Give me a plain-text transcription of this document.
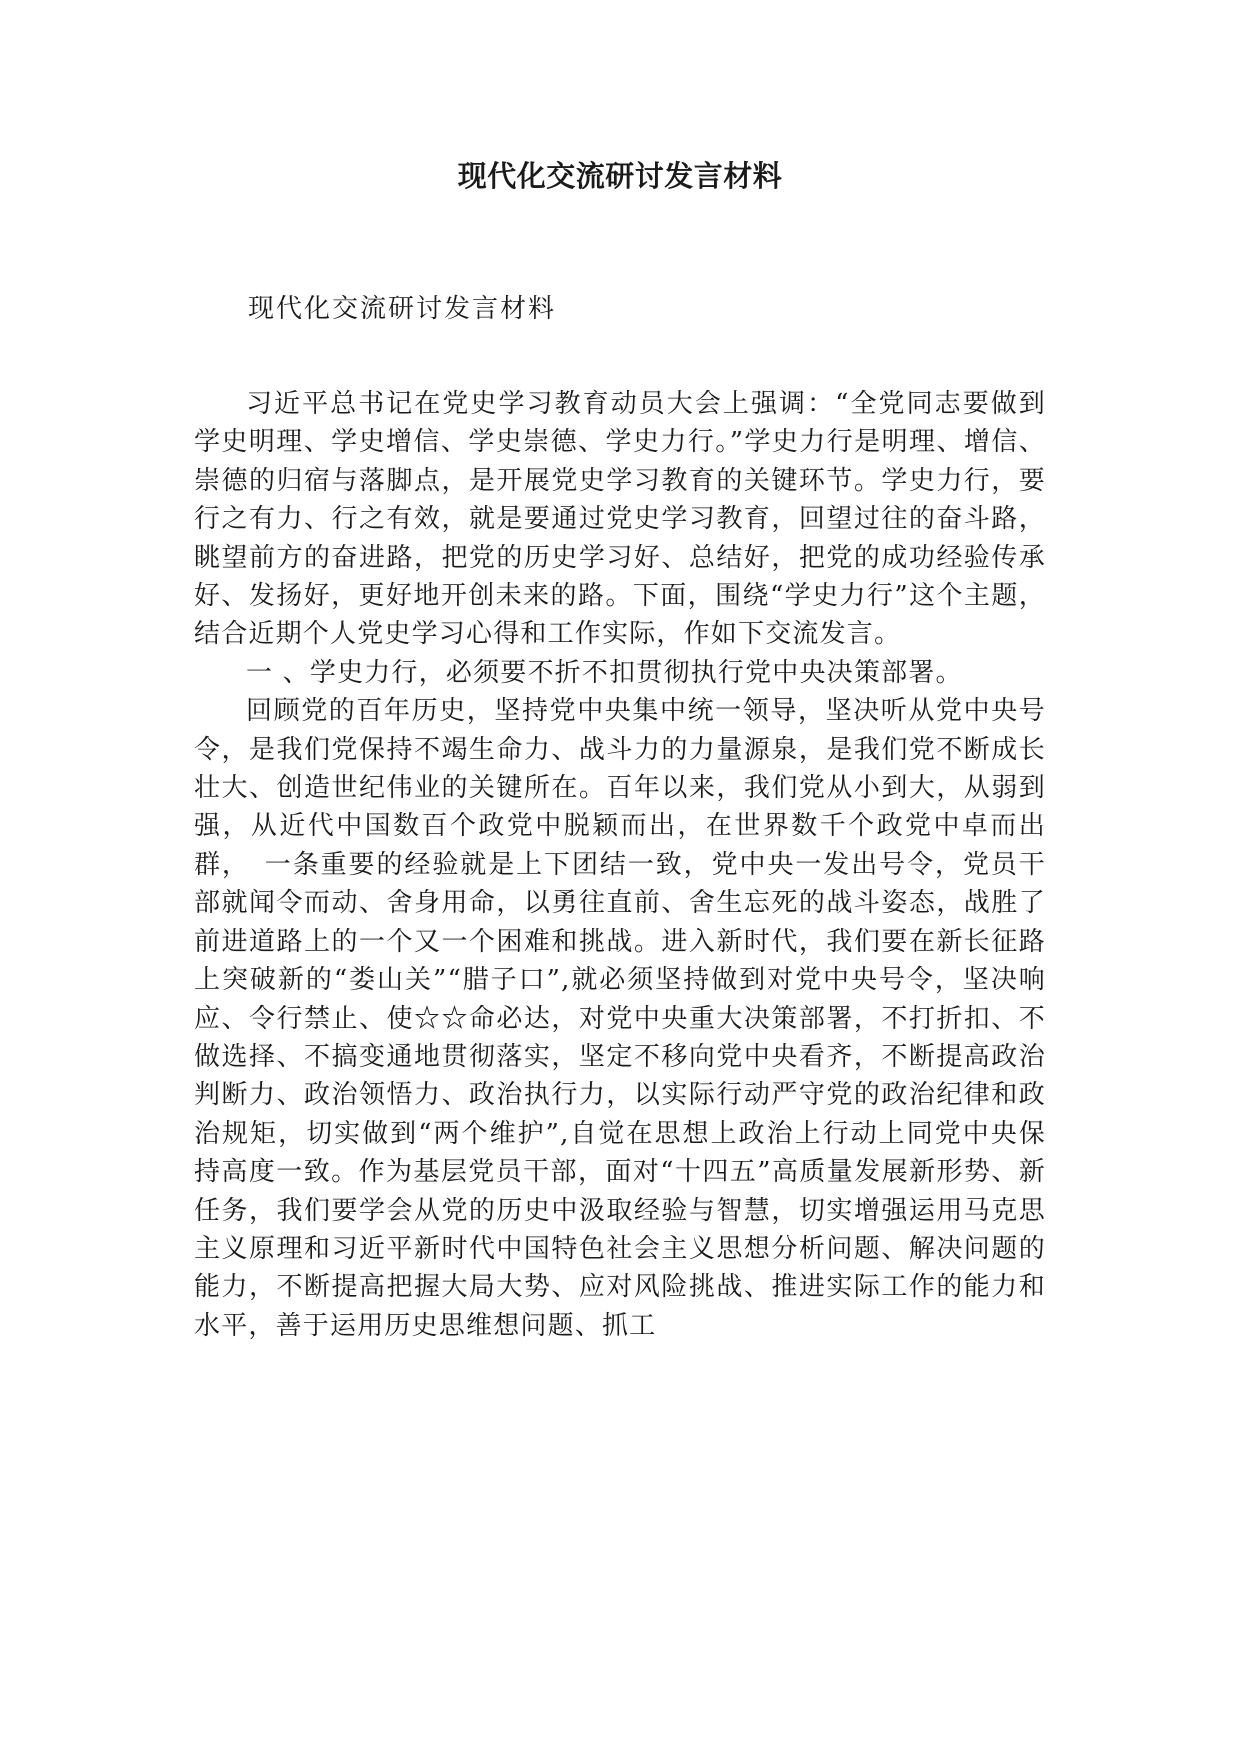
现代化交流研讨发言材料

现代化交流研讨发言材料

习近平总书记在党史学习教育动员大会上强调：“全党同志要做到学史明理、学史增信、学史崇德、学史力行。”学史力行是明理、增信、崇德的归宿与落脚点，是开展党史学习教育的关键环节。学史力行，要行之有力、行之有效，就是要通过党史学习教育，回望过往的奋斗路，眺望前方的奋进路，把党的历史学习好、总结好，把党的成功经验传承好、发扬好，更好地开创未来的路。下面，围绕“学史力行”这个主题，结合近期个人党史学习心得和工作实际，作如下交流发言。

一 、学史力行，必须要不折不扣贯彻执行党中央决策部署。

回顾党的百年历史，坚持党中央集中统一领导，坚决听从党中央号令，是我们党保持不竭生命力、战斗力的力量源泉，是我们党不断成长壮大、创造世纪伟业的关键所在。百年以来，我们党从小到大，从弱到强，从近代中国数百个政党中脱颖而出，在世界数千个政党中卓而出群，　一条重要的经验就是上下团结一致，党中央一发出号令，党员干部就闻令而动、舍身用命，以勇往直前、舍生忘死的战斗姿态，战胜了前进道路上的一个又一个困难和挑战。进入新时代，我们要在新长征路上突破新的“娄山关”“腊子口”,就必须坚持做到对党中央号令，坚决响应、令行禁止、使☆☆命必达，对党中央重大决策部署，不打折扣、不做选择、不搞变通地贯彻落实，坚定不移向党中央看齐，不断提高政治判断力、政治领悟力、政治执行力，以实际行动严守党的政治纪律和政治规矩，切实做到“两个维护”,自觉在思想上政治上行动上同党中央保持高度一致。作为基层党员干部，面对“十四五”高质量发展新形势、新任务，我们要学会从党的历史中汲取经验与智慧，切实增强运用马克思主义原理和习近平新时代中国特色社会主义思想分析问题、解决问题的能力，不断提高把握大局大势、应对风险挑战、推进实际工作的能力和水平，善于运用历史思维想问题、抓工
